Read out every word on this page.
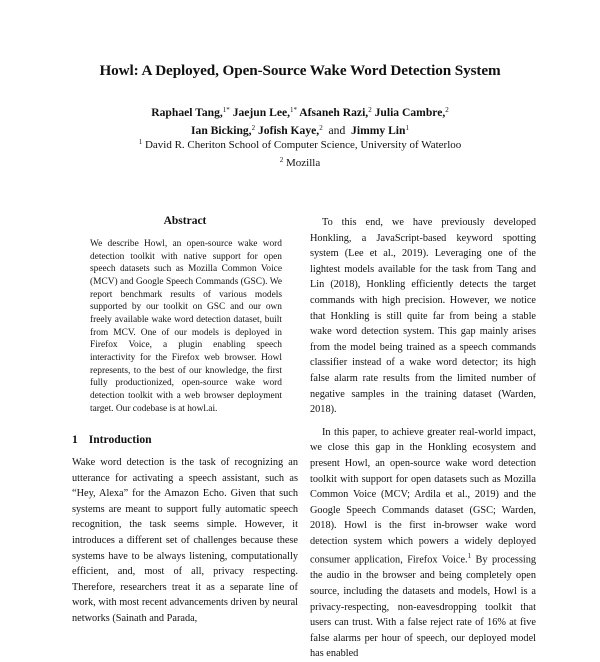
Howl: A Deployed, Open-Source Wake Word Detection System
Raphael Tang,$^{1*}$ Jaejun Lee,$^{1*}$ Afsaneh Razi,$^2$ Julia Cambre,$^2$
Ian Bicking,$^2$ Jofish Kaye,$^2$ and Jimmy Lin$^1$
$^1$ David R. Cheriton School of Computer Science, University of Waterloo
$^2$ Mozilla
Abstract
We describe Howl, an open-source wake word detection toolkit with native support for open speech datasets such as Mozilla Common Voice (MCV) and Google Speech Commands (GSC). We report benchmark results of various models supported by our toolkit on GSC and our own freely available wake word detection dataset, built from MCV. One of our models is deployed in Firefox Voice, a plugin enabling speech interactivity for the Firefox web browser. Howl represents, to the best of our knowledge, the first fully productionized, open-source wake word detection toolkit with a web browser deployment target. Our codebase is at howl.ai.
1 Introduction

Wake word detection is the task of recognizing an utterance for activating a speech assistant, such as “Hey, Alexa” for the Amazon Echo. Given that such systems are meant to support fully automatic speech recognition, the task seems simple. However, it introduces a different set of challenges because these systems have to be always listening, computationally efficient, and, most of all, privacy respecting. Therefore, researchers treat it as a separate line of work, with most recent advancements driven by neural networks (Sainath and Parada,

To this end, we have previously developed Honkling, a JavaScript-based keyword spotting system (Lee et al., 2019). Leveraging one of the lightest models available for the task from Tang and Lin (2018), Honkling efficiently detects the target commands with high precision. However, we notice that Honkling is still quite far from being a stable wake word detection system. This gap mainly arises from the model being trained as a speech commands classifier instead of a wake word detector; its high false alarm rate results from the limited number of negative samples in the training dataset (Warden, 2018).

In this paper, to achieve greater real-world impact, we close this gap in the Honkling ecosystem and present Howl, an open-source wake word detection toolkit with support for open datasets such as Mozilla Common Voice (MCV; Ardila et al., 2019) and the Google Speech Commands dataset (GSC; Warden, 2018). Howl is the first in-browser wake word detection system which powers a widely deployed consumer application, Firefox Voice.$^1$ By processing the audio in the browser and being completely open source, including the datasets and models, Howl is a privacy-respecting, non-eavesdropping toolkit that users can trust. With a false reject rate of 16% at five false alarms per hour of speech, our deployed model has enabled
